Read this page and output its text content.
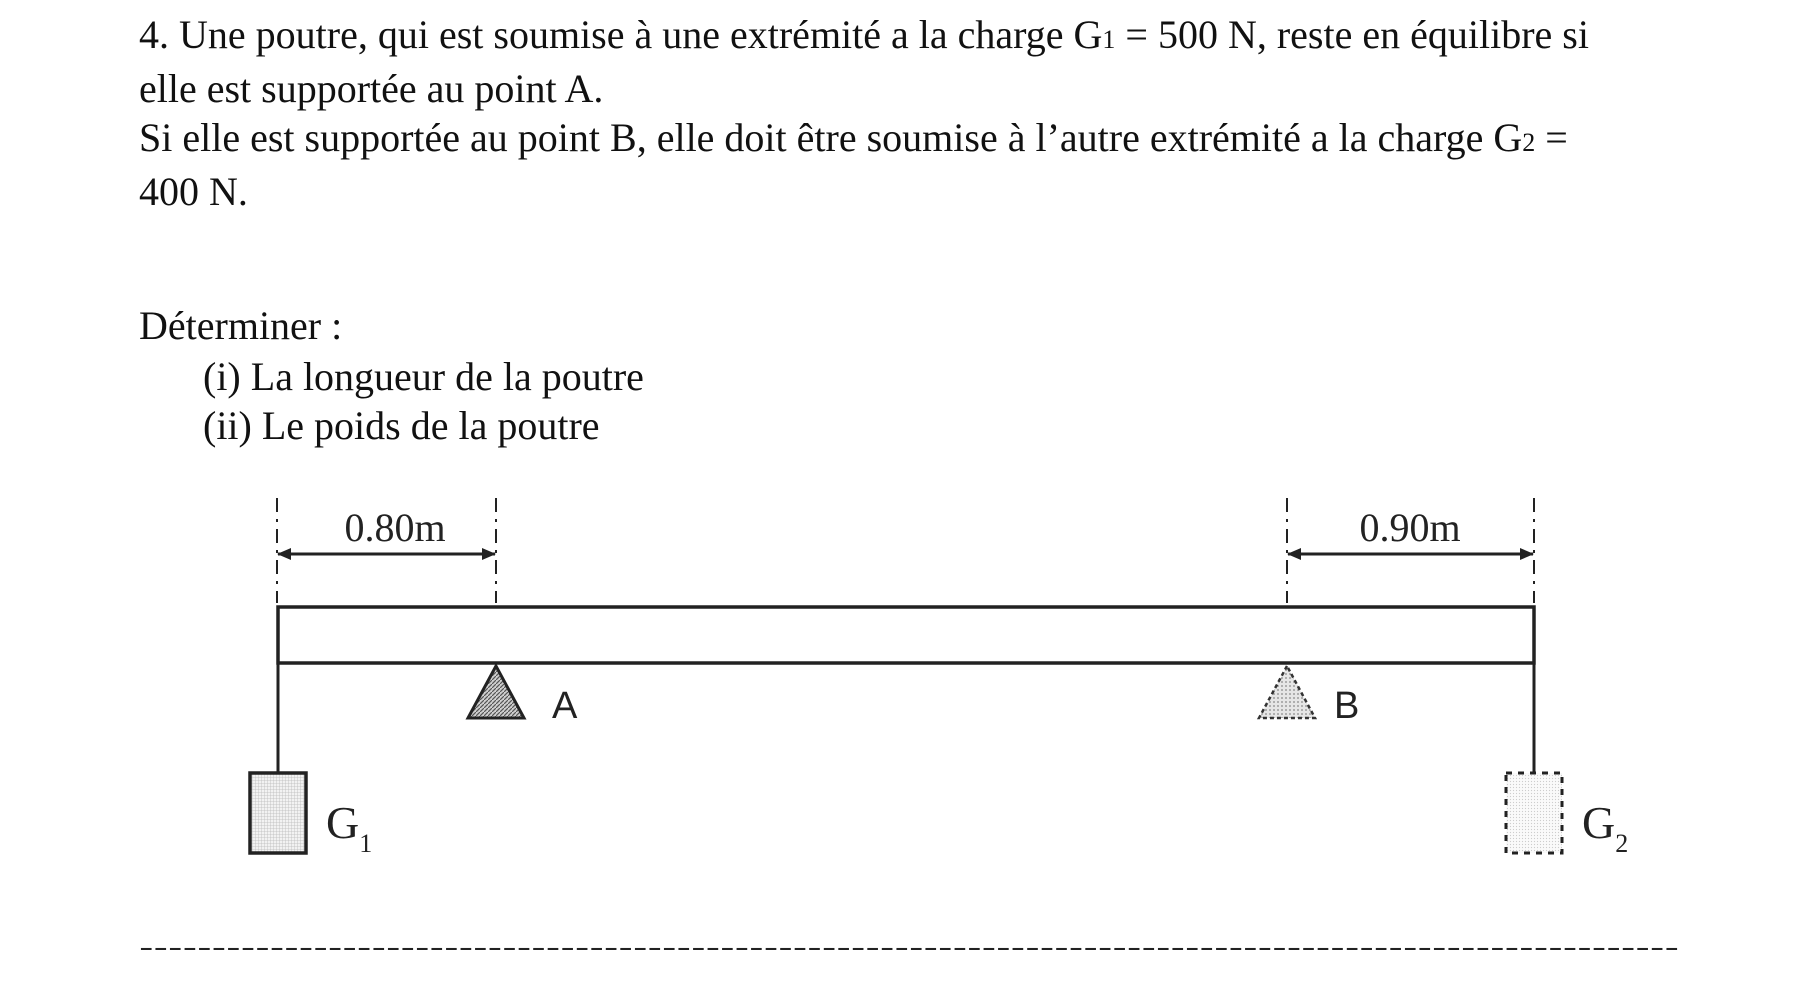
4. Une poutre, qui est soumise à une extrémité a la charge G1 = 500 N, reste en équilibre si

elle est supportée au point A.

Si elle est supportée au point B, elle doit être soumise à l’autre extrémité a la charge G2 =

400 N.

Déterminer :
(i) La longueur de la poutre
(ii) Le poids de la poutre
0.80m	0.90m
A	B
$G_1$	$G_2$
----------------------------------------------------------------------------------------------------------
